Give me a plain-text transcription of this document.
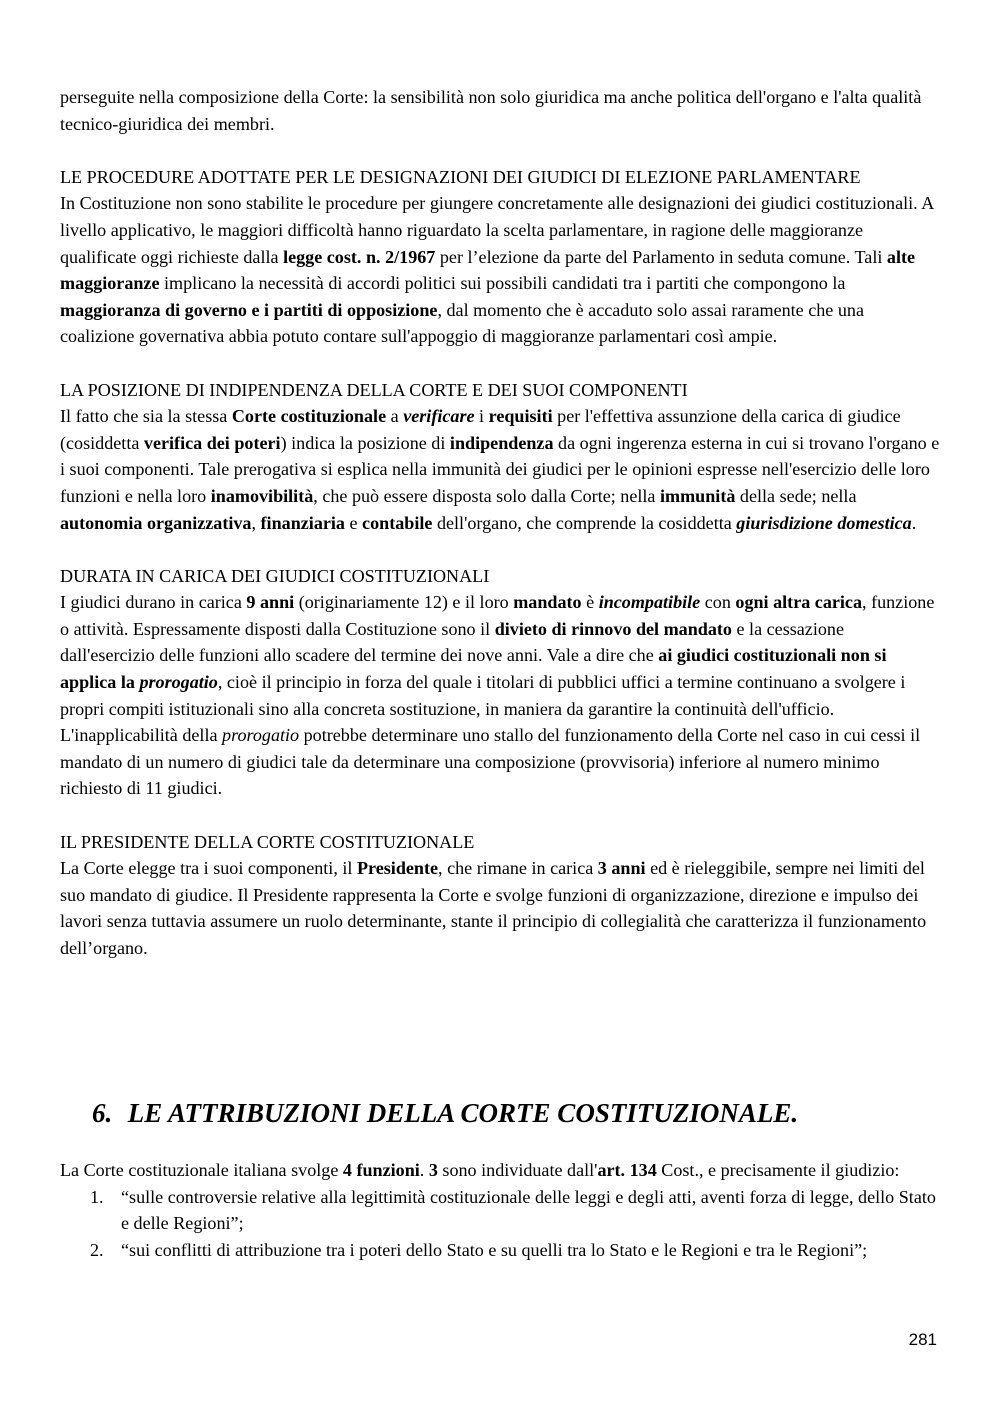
perseguite nella composizione della Corte: la sensibilità non solo giuridica ma anche politica dell'organo e l'alta qualità tecnico-giuridica dei membri.

LE PROCEDURE ADOTTATE PER LE DESIGNAZIONI DEI GIUDICI DI ELEZIONE PARLAMENTARE

In Costituzione non sono stabilite le procedure per giungere concretamente alle designazioni dei giudici costituzionali. A livello applicativo, le maggiori difficoltà hanno riguardato la scelta parlamentare, in ragione delle maggioranze qualificate oggi richieste dalla legge cost. n. 2/1967 per l’elezione da parte del Parlamento in seduta comune. Tali alte maggioranze implicano la necessità di accordi politici sui possibili candidati tra i partiti che compongono la maggioranza di governo e i partiti di opposizione, dal momento che è accaduto solo assai raramente che una coalizione governativa abbia potuto contare sull'appoggio di maggioranze parlamentari così ampie.

LA POSIZIONE DI INDIPENDENZA DELLA CORTE E DEI SUOI COMPONENTI

Il fatto che sia la stessa Corte costituzionale a verificare i requisiti per l'effettiva assunzione della carica di giudice (cosiddetta verifica dei poteri) indica la posizione di indipendenza da ogni ingerenza esterna in cui si trovano l'organo e i suoi componenti. Tale prerogativa si esplica nella immunità dei giudici per le opinioni espresse nell'esercizio delle loro funzioni e nella loro inamovibilità, che può essere disposta solo dalla Corte; nella immunità della sede; nella autonomia organizzativa, finanziaria e contabile dell'organo, che comprende la cosiddetta giurisdizione domestica.

DURATA IN CARICA DEI GIUDICI COSTITUZIONALI

I giudici durano in carica 9 anni (originariamente 12) e il loro mandato è incompatibile con ogni altra carica, funzione o attività. Espressamente disposti dalla Costituzione sono il divieto di rinnovo del mandato e la cessazione dall'esercizio delle funzioni allo scadere del termine dei nove anni. Vale a dire che ai giudici costituzionali non si applica la prorogatio, cioè il principio in forza del quale i titolari di pubblici uffici a termine continuano a svolgere i propri compiti istituzionali sino alla concreta sostituzione, in maniera da garantire la continuità dell'ufficio. L'inapplicabilità della prorogatio potrebbe determinare uno stallo del funzionamento della Corte nel caso in cui cessi il mandato di un numero di giudici tale da determinare una composizione (provvisoria) inferiore al numero minimo richiesto di 11 giudici.

IL PRESIDENTE DELLA CORTE COSTITUZIONALE

La Corte elegge tra i suoi componenti, il Presidente, che rimane in carica 3 anni ed è rieleggibile, sempre nei limiti del suo mandato di giudice. Il Presidente rappresenta la Corte e svolge funzioni di organizzazione, direzione e impulso dei lavori senza tuttavia assumere un ruolo determinante, stante il principio di collegialità che caratterizza il funzionamento dell’organo.

6. LE ATTRIBUZIONI DELLA CORTE COSTITUZIONALE.

La Corte costituzionale italiana svolge 4 funzioni. 3 sono individuate dall'art. 134 Cost., e precisamente il giudizio:

1. “sulle controversie relative alla legittimità costituzionale delle leggi e degli atti, aventi forza di legge, dello Stato e delle Regioni”;
2. “sui conflitti di attribuzione tra i poteri dello Stato e su quelli tra lo Stato e le Regioni e tra le Regioni”;
281
